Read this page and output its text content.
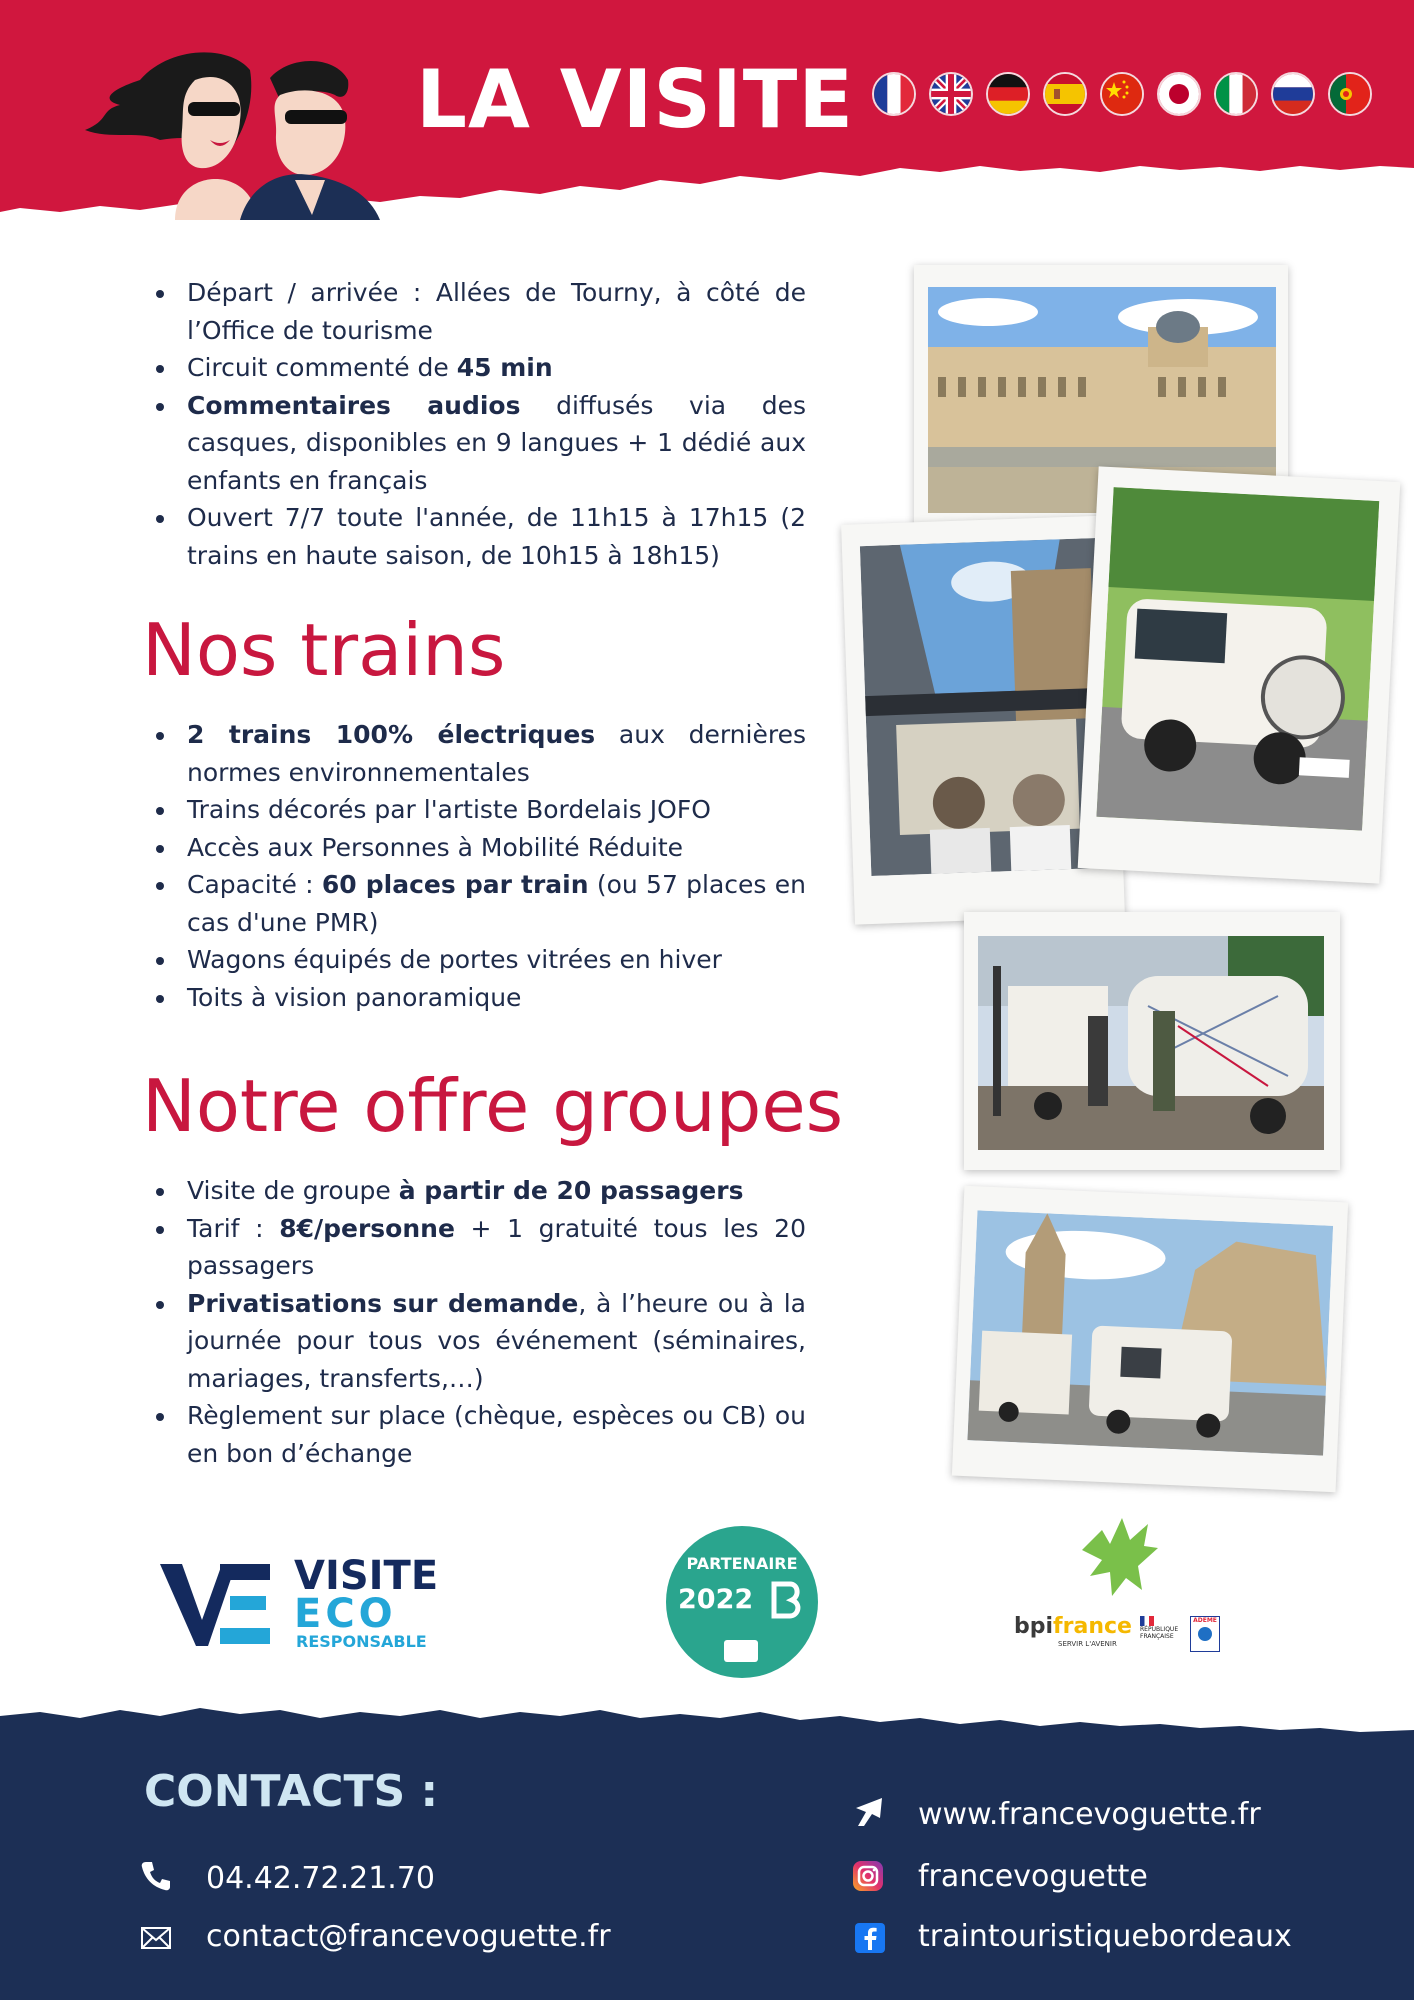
LA VISITE
Départ / arrivée : Allées de Tourny, à côté de l’Office de tourisme
Circuit commenté de 45 min
Commentaires audios diffusés via des casques, disponibles en 9 langues + 1 dédié aux enfants en français
Ouvert 7/7 toute l'année, de 11h15 à 17h15 (2 trains en haute saison, de 10h15 à 18h15)
Nos trains
2 trains 100% électriques aux dernières normes environnementales
Trains décorés par l'artiste Bordelais JOFO
Accès aux Personnes à Mobilité Réduite
Capacité : 60 places par train (ou 57 places en cas d'une PMR)
Wagons équipés de portes vitrées en hiver
Toits à vision panoramique
Notre offre groupes
Visite de groupe à partir de 20 passagers
Tarif : 8€/personne + 1 gratuité tous les 20 passagers
Privatisations sur demande, à l’heure ou à la journée pour tous vos événement (séminaires, mariages, transferts,…)
Règlement sur place (chèque, espèces ou CB) ou en bon d’échange
VISITE
ECO
RESPONSABLE
PARTENAIRE
2022
bpifrance
SERVIR L'AVENIR
RÉPUBLIQUE
FRANÇAISE
ADEME
CONTACTS :
04.42.72.21.70
contact@francevoguette.fr
www.francevoguette.fr
francevoguette
traintouristiquebordeaux
